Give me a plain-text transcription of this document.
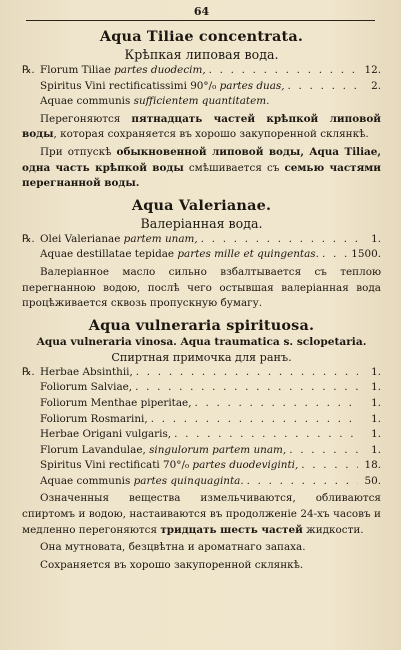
64
Aqua Tiliae concentrata.
Крѣпкая липовая вода.
℞. Florum Tiliae partes duodecim, . . .	12.
Spiritus Vini rectificatissimi 90°/₀ partes duas, . . .	2.
Aquae communis sufficientem quantitatem.

Перегоняются пятнадцать частей крѣпкой липовой воды, которая сохраняется въ хорошо закупоренной склянкѣ.

При отпускѣ обыкновенной липовой воды, Aqua Tiliae, одна часть крѣпкой воды смѣшивается съ семью частями перегнанной воды.

Aqua Valerianae.
Валеріанная вода.
℞. Olei Valerianae partem unam, . . .	1.
Aquae destillatae tepidae partes mille et quingentas. . . .	1500.

Валеріанное масло сильно взбалтывается съ теплою перегнанною водою, послѣ чего остывшая валеріанная вода процѣживается сквозь пропускную бумагу.

Aqua vulneraria spirituosa.
Aqua vulneraria vinosa. Aqua traumatica s. sclopetaria.
Спиртная примочка для ранъ.
℞. Herbae Absinthii, . . .	1.
Foliorum Salviae, . . .	1.
Foliorum Menthae piperitae, . . .	1.
Foliorum Rosmarini, . . .	1.
Herbae Origani vulgaris, . . .	1.
Florum Lavandulae, singulorum partem unam, . . .	1.
Spiritus Vini rectificati 70°/₀ partes duodeviginti, . . .	18.
Aquae communis partes quinquaginta. . . .	50.

Означенныя вещества измельчиваются, обливаются спиртомъ и водою, настаиваются въ продолженіе 24-хъ часовъ и медленно перегоняются тридцать шесть частей жидкости.

Она мутновата, безцвѣтна и ароматнаго запаха.

Сохраняется въ хорошо закупоренной склянкѣ.
